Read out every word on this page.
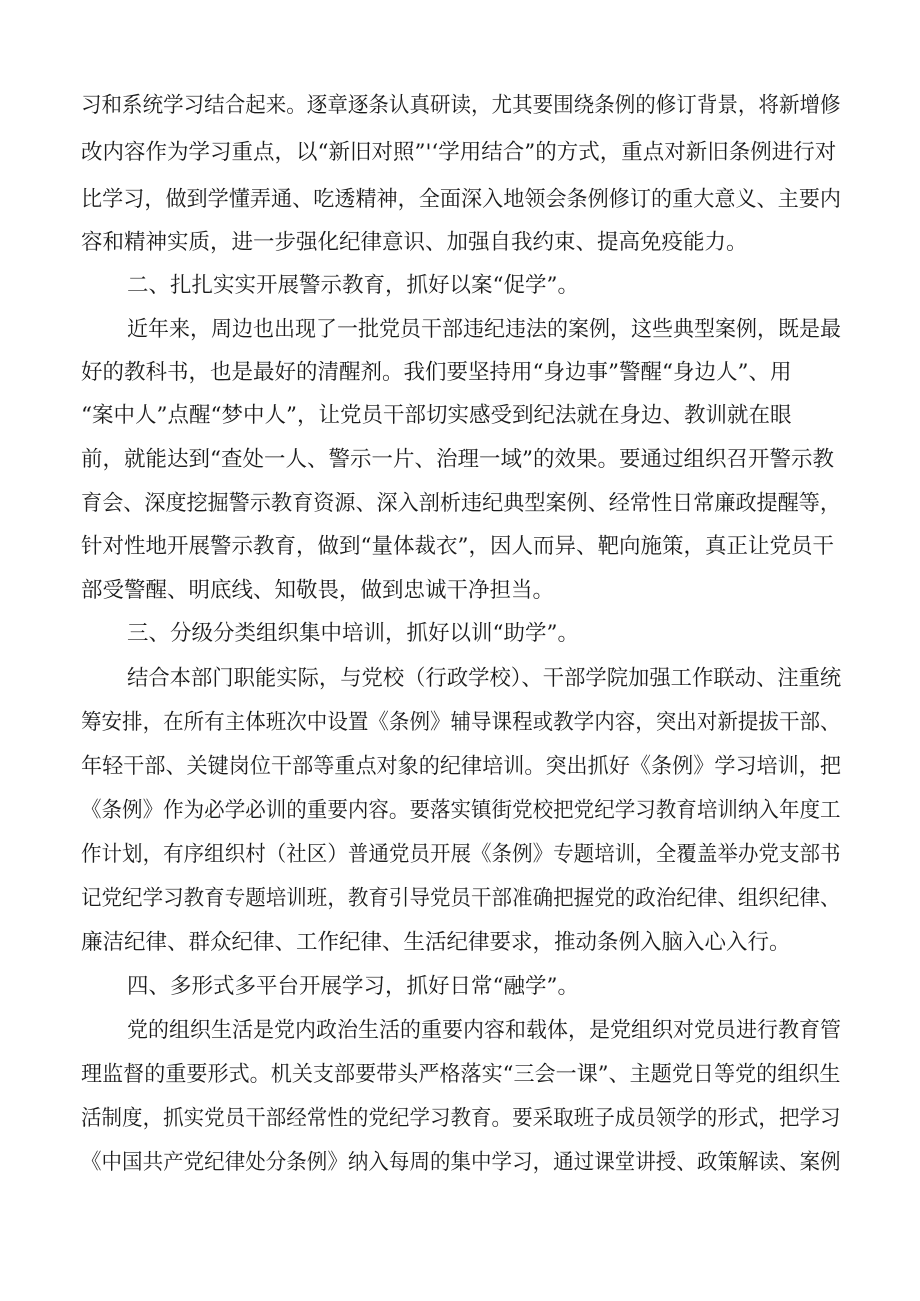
习和系统学习结合起来。逐章逐条认真研读，尤其要围绕条例的修订背景，将新增修

改内容作为学习重点，以“新旧对照”'‘学用结合”的方式，重点对新旧条例进行对

比学习，做到学懂弄通、吃透精神，全面深入地领会条例修订的重大意义、主要内

容和精神实质，进一步强化纪律意识、加强自我约束、提高免疫能力。

二、扎扎实实开展警示教育，抓好以案“促学”。

近年来，周边也出现了一批党员干部违纪违法的案例，这些典型案例，既是最

好的教科书，也是最好的清醒剂。我们要坚持用“身边事”警醒“身边人”、用

“案中人”点醒“梦中人”，让党员干部切实感受到纪法就在身边、教训就在眼

前，就能达到“查处一人、警示一片、治理一域”的效果。要通过组织召开警示教

育会、深度挖掘警示教育资源、深入剖析违纪典型案例、经常性日常廉政提醒等，

针对性地开展警示教育，做到“量体裁衣”，因人而异、靶向施策，真正让党员干

部受警醒、明底线、知敬畏，做到忠诚干净担当。

三、分级分类组织集中培训，抓好以训“助学”。

结合本部门职能实际，与党校（行政学校）、干部学院加强工作联动、注重统

筹安排，在所有主体班次中设置《条例》辅导课程或教学内容，突出对新提拔干部、

年轻干部、关键岗位干部等重点对象的纪律培训。突出抓好《条例》学习培训，把

《条例》作为必学必训的重要内容。要落实镇街党校把党纪学习教育培训纳入年度工

作计划，有序组织村（社区）普通党员开展《条例》专题培训，全覆盖举办党支部书

记党纪学习教育专题培训班，教育引导党员干部准确把握党的政治纪律、组织纪律、

廉洁纪律、群众纪律、工作纪律、生活纪律要求，推动条例入脑入心入行。

四、多形式多平台开展学习，抓好日常“融学”。

党的组织生活是党内政治生活的重要内容和载体，是党组织对党员进行教育管

理监督的重要形式。机关支部要带头严格落实“三会一课”、主题党日等党的组织生

活制度，抓实党员干部经常性的党纪学习教育。要采取班子成员领学的形式，把学习

《中国共产党纪律处分条例》纳入每周的集中学习，通过课堂讲授、政策解读、案例
